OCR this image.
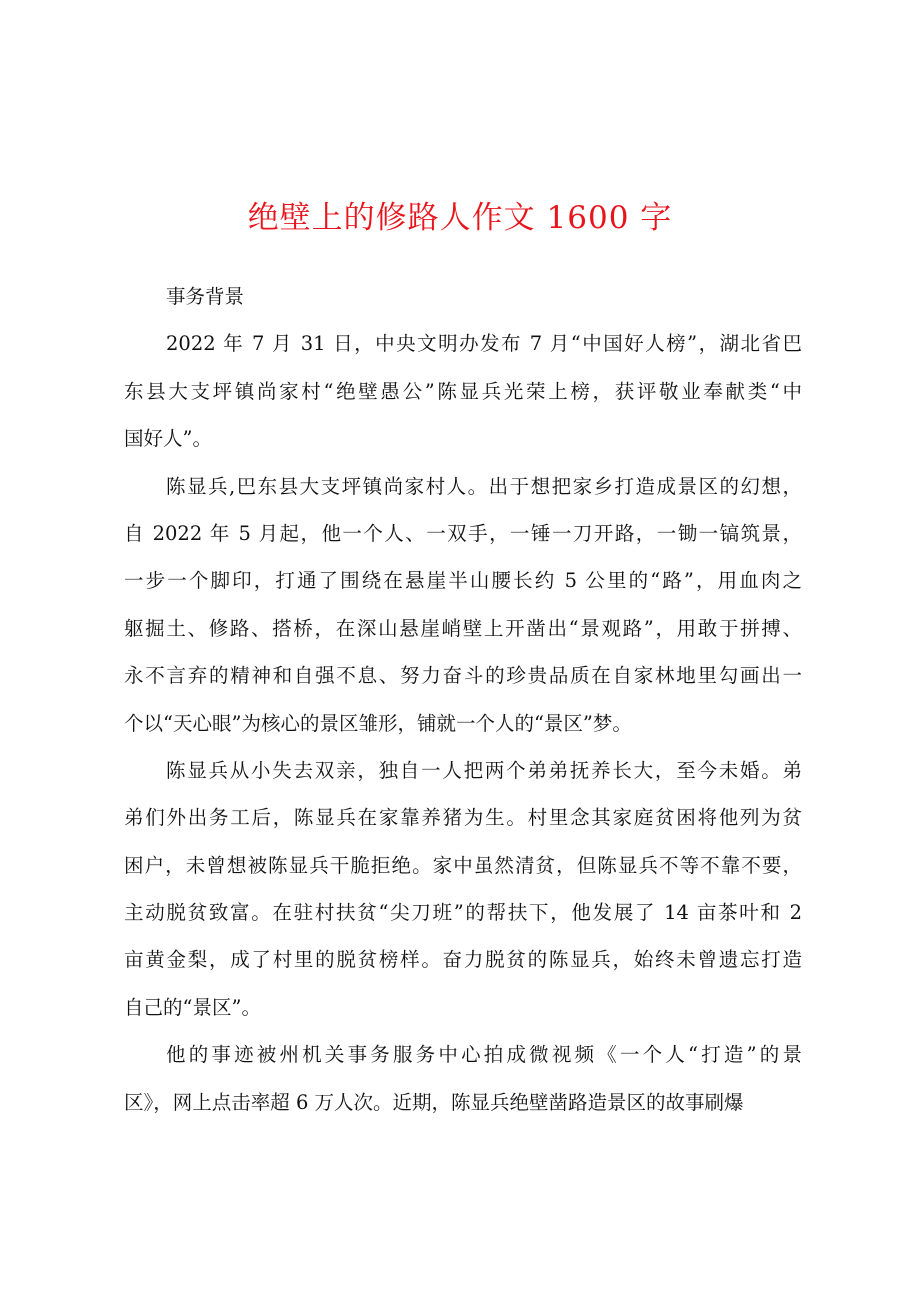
绝壁上的修路人作文 1600 字
事务背景
2022 年 7 月 31 日，中央文明办发布 7 月“中国好人榜”，湖北省巴
东县大支坪镇尚家村“绝壁愚公”陈显兵光荣上榜，获评敬业奉献类“中
国好人”。
陈显兵,巴东县大支坪镇尚家村人。出于想把家乡打造成景区的幻想，
自 2022 年 5 月起，他一个人、一双手，一锤一刀开路，一锄一镐筑景，
一步一个脚印，打通了围绕在悬崖半山腰长约 5 公里的“路”，用血肉之
躯掘土、修路、搭桥，在深山悬崖峭壁上开凿出“景观路”，用敢于拼搏、
永不言弃的精神和自强不息、努力奋斗的珍贵品质在自家林地里勾画出一
个以“天心眼”为核心的景区雏形，铺就一个人的“景区”梦。
陈显兵从小失去双亲，独自一人把两个弟弟抚养长大，至今未婚。弟
弟们外出务工后，陈显兵在家靠养猪为生。村里念其家庭贫困将他列为贫
困户，未曾想被陈显兵干脆拒绝。家中虽然清贫，但陈显兵不等不靠不要，
主动脱贫致富。在驻村扶贫“尖刀班”的帮扶下，他发展了 14 亩茶叶和 2
亩黄金梨，成了村里的脱贫榜样。奋力脱贫的陈显兵，始终未曾遗忘打造
自己的“景区”。
他的事迹被州机关事务服务中心拍成微视频《一个人“打造”的景
区》，网上点击率超 6 万人次。近期，陈显兵绝壁凿路造景区的故事刷爆
